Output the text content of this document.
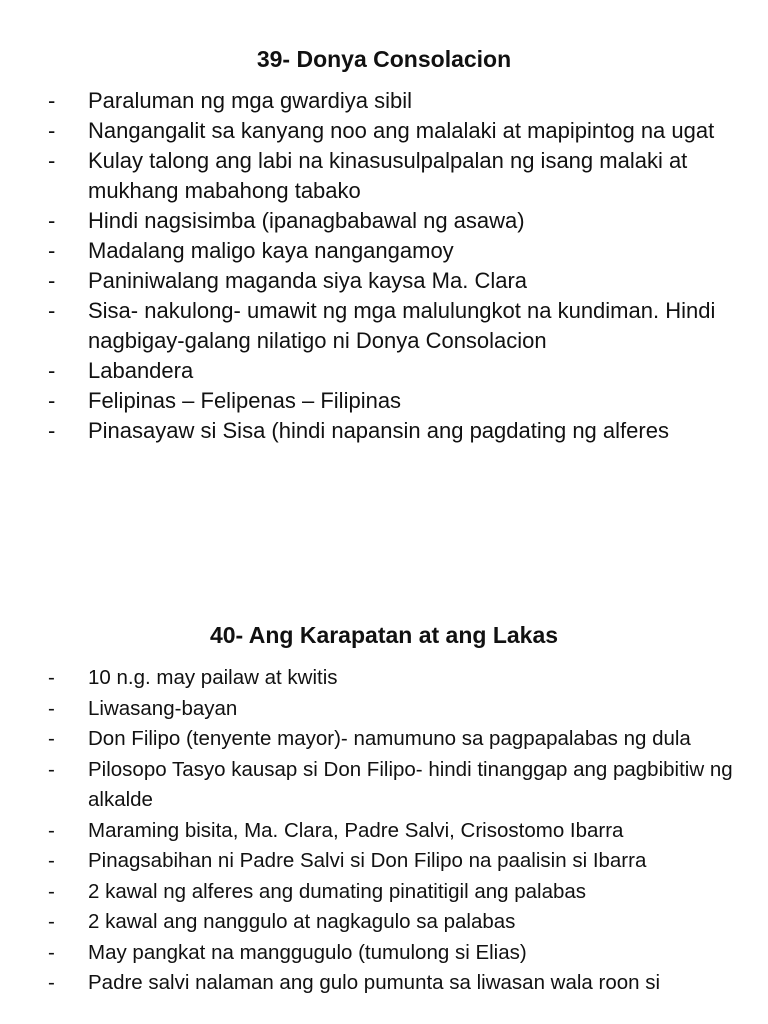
39- Donya Consolacion
- Paraluman ng mga gwardiya sibil
- Nangangalit sa kanyang noo ang malalaki at mapipintog na ugat
- Kulay talong ang labi na kinasusulpalpalan ng isang malaki at mukhang mabahong tabako
- Hindi nagsisimba (ipanagbabawal ng asawa)
- Madalang maligo kaya nangangamoy
- Paniniwalang maganda siya kaysa Ma. Clara
- Sisa- nakulong- umawit ng mga malulungkot na kundiman. Hindi nagbigay-galang nilatigo ni Donya Consolacion
- Labandera
- Felipinas – Felipenas – Filipinas
- Pinasayaw si Sisa (hindi napansin ang pagdating ng alferes
40- Ang Karapatan at ang Lakas
- 10 n.g. may pailaw at kwitis
- Liwasang-bayan
- Don Filipo (tenyente mayor)- namumuno sa pagpapalabas ng dula
- Pilosopo Tasyo kausap si Don Filipo- hindi tinanggap ang pagbibitiw ng alkalde
- Maraming bisita, Ma. Clara, Padre Salvi, Crisostomo Ibarra
- Pinagsabihan ni Padre Salvi si Don Filipo na paalisin si Ibarra
- 2 kawal ng alferes ang dumating pinatitigil ang palabas
- 2 kawal ang nanggulo at nagkagulo sa palabas
- May pangkat na manggugulo (tumulong si Elias)
- Padre salvi nalaman ang gulo pumunta sa liwasan wala roon si
